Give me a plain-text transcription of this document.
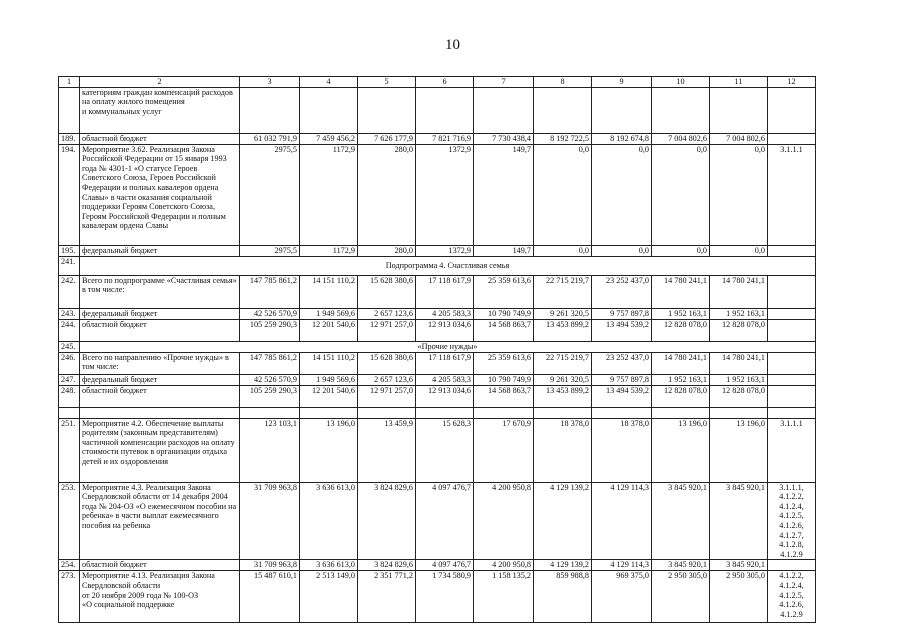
10
1	2	3	4	5	6	7	8	9	10	11	12
	категориям граждан компенсаций расходов
на оплату жилого помещения
и коммунальных услуг										
189.	областной бюджет	61 032 791,9	7 459 456,2	7 626 177,9	7 821 716,9	7 730 438,4	8 192 722,5	8 192 674,8	7 004 802,6	7 004 802,6	
194.	Мероприятие 3.62. Реализация Закона Российской Федерации от 15 января 1993 года № 4301-1 «О статусе Героев Советского Союза, Героев Российской Федерации и полных кавалеров ордена Славы» в части оказания социальной поддержки Героям Советского Союза, Героям Российской Федерации и полным кавалерам ордена Славы	2975,5	1172,9	280,0	1372,9	149,7	0,0	0,0	0,0	0,0	3.1.1.1
195.	федеральный бюджет	2975,5	1172,9	280,0	1372,9	149,7	0,0	0,0	0,0	0,0	
241.	Подпрограмма 4. Счастливая семья										
242.	Всего по подпрограмме «Счастливая семья»
в том числе:	147 785 861,2	14 151 110,2	15 628 380,6	17 118 617,9	25 359 613,6	22 715 219,7	23 252 437,0	14 780 241,1	14 780 241,1	
243.	федеральный бюджет	42 526 570,9	1 949 569,6	2 657 123,6	4 205 583,3	10 790 749,9	9 261 320,5	9 757 897,8	1 952 163,1	1 952 163,1	
244.	областной бюджет	105 259 290,3	12 201 540,6	12 971 257,0	12 913 034,6	14 568 863,7	13 453 899,2	13 494 539,2	12 828 078,0	12 828 078,0	
245.	«Прочие нужды»										
246.	Всего по направлению «Прочие нужды» в том числе:	147 785 861,2	14 151 110,2	15 628 380,6	17 118 617,9	25 359 613,6	22 715 219,7	23 252 437,0	14 780 241,1	14 780 241,1	
247.	федеральный бюджет	42 526 570,9	1 949 569,6	2 657 123,6	4 205 583,3	10 790 749,9	9 261 320,5	9 757 897,8	1 952 163,1	1 952 163,1	
248.	областной бюджет	105 259 290,3	12 201 540,6	12 971 257,0	12 913 034,6	14 568 863,7	13 453 899,2	13 494 539,2	12 828 078,0	12 828 078,0	

251.	Мероприятие 4.2. Обеспечение выплаты родителям (законным представителям) частичной компенсации расходов на оплату стоимости путевок в организации отдыха детей и их оздоровления	123 103,1	13 196,0	13 459,9	15 628,3	17 670,9	18 378,0	18 378,0	13 196,0	13 196,0	3.1.1.1
253.	Мероприятие 4.3. Реализация Закона Свердловской области от 14 декабря 2004 года № 204-ОЗ «О ежемесячном пособии на ребенка» в части выплат ежемесячного пособия на ребенка	31 709 963,8	3 636 613,0	3 824 829,6	4 097 476,7	4 200 950,8	4 129 139,2	4 129 114,3	3 845 920,1	3 845 920,1	3.1.1.1, 4.1.2.2, 4.1.2.4, 4.1.2.5, 4.1.2.6, 4.1.2.7, 4.1.2.8, 4.1.2.9
254.	областной бюджет	31 709 963,8	3 636 613,0	3 824 829,6	4 097 476,7	4 200 950,8	4 129 139,2	4 129 114,3	3 845 920,1	3 845 920,1	
273.	Мероприятие 4.13. Реализация Закона Свердловской области
от 20 ноября 2009 года № 100-ОЗ
«О социальной поддержке	15 487 610,1	2 513 149,0	2 351 771,2	1 734 580,9	1 158 135,2	859 988,8	969 375,0	2 950 305,0	2 950 305,0	4.1.2.2, 4.1.2.4, 4.1.2.5, 4.1.2.6, 4.1.2.9
